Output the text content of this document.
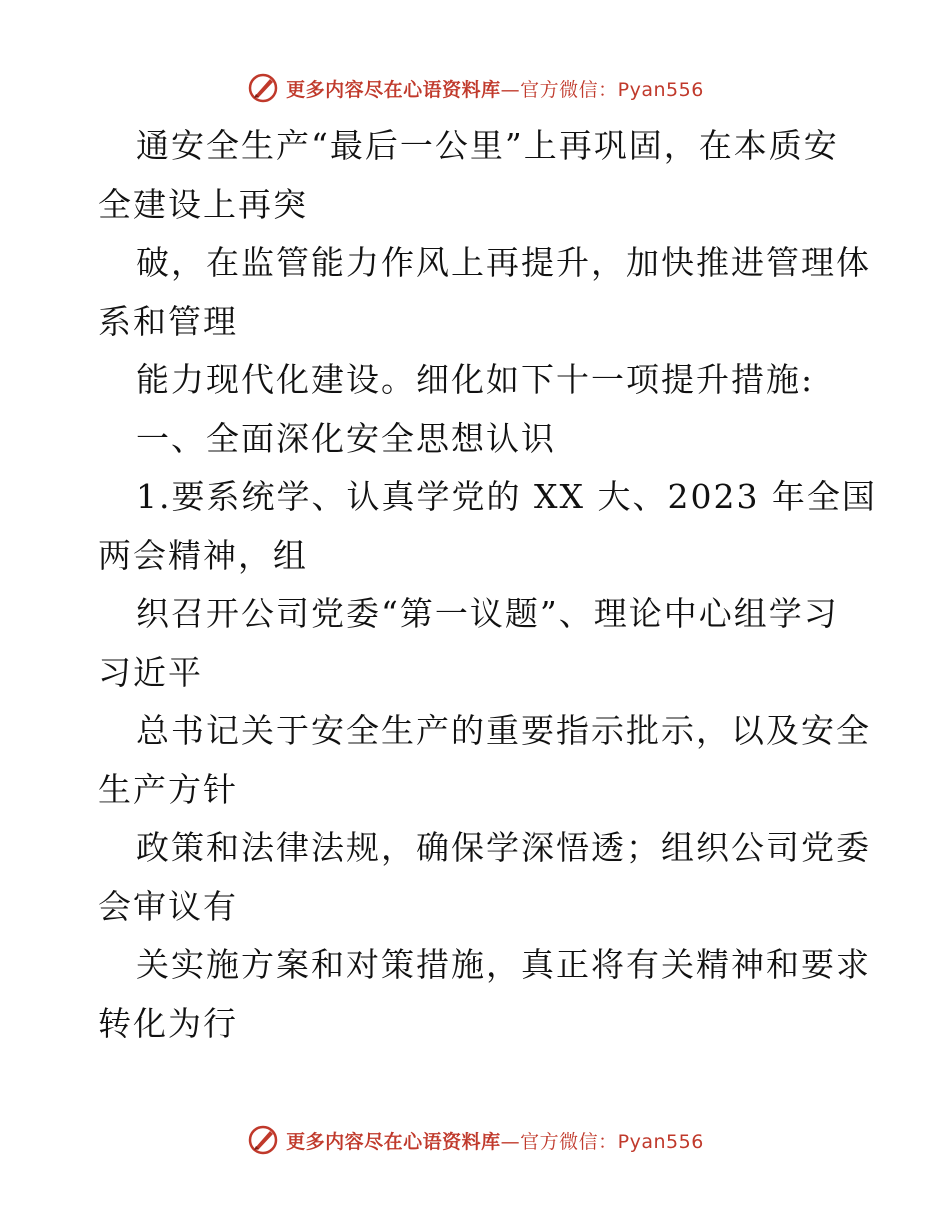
更多内容尽在心语资料库—官方微信：Pyan556
通安全生产“最后一公里”上再巩固，在本质安
全建设上再突
破，在监管能力作风上再提升，加快推进管理体
系和管理
能力现代化建设。细化如下十一项提升措施:
一、全面深化安全思想认识
1.要系统学、认真学党的 XX 大、2023 年全国
两会精神，组
织召开公司党委“第一议题”、理论中心组学习
习近平
总书记关于安全生产的重要指示批示，以及安全
生产方针
政策和法律法规，确保学深悟透；组织公司党委
会审议有
关实施方案和对策措施，真正将有关精神和要求
转化为行
更多内容尽在心语资料库—官方微信：Pyan556
